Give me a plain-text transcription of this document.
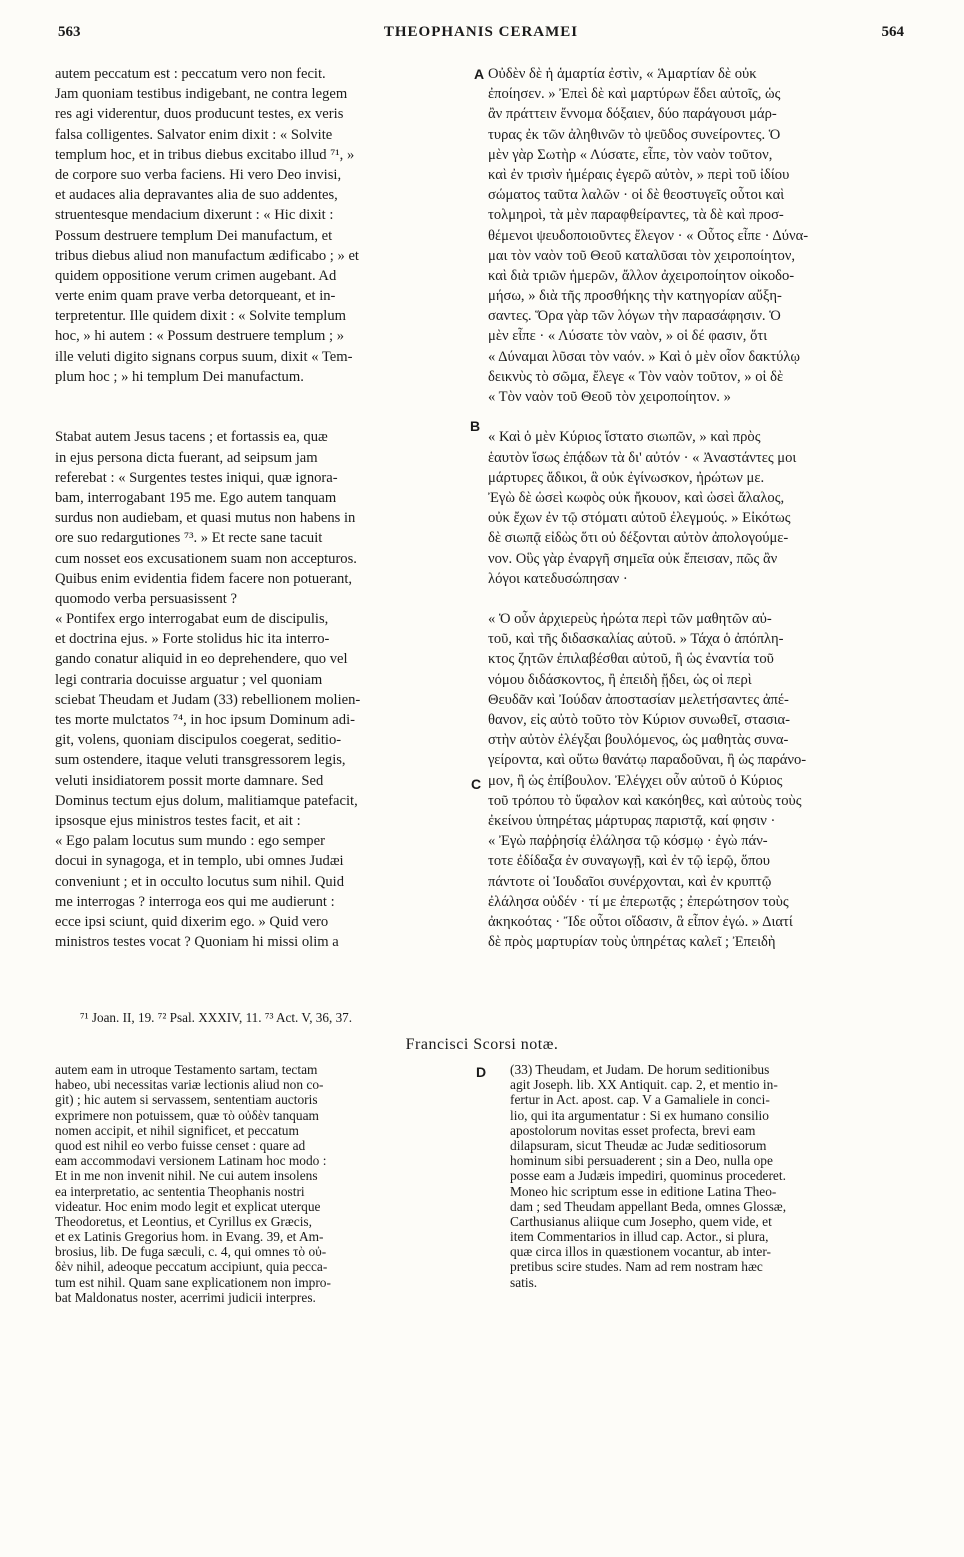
563	THEOPHANIS CERAMEI	564
autem peccatum est : peccatum vero non fecit.
Jam quoniam testibus indigebant, ne contra legem
res agi viderentur, duos producunt testes, ex veris
falsa colligentes. Salvator enim dixit : « Solvite
templum hoc, et in tribus diebus excitabo illud ⁷¹, »
de corpore suo verba faciens. Hi vero Deo invisi,
et audaces alia depravantes alia de suo addentes,
struentesque mendacium dixerunt : « Hic dixit :
Possum destruere templum Dei manufactum, et
tribus diebus aliud non manufactum ædificabo ; » et
quidem oppositione verum crimen augebant. Ad
verte enim quam prave verba detorqueant, et in-
terpretentur. Ille quidem dixit : « Solvite templum
hoc, » hi autem : « Possum destruere templum ; »
ille veluti digito signans corpus suum, dixit « Tem-
plum hoc ; » hi templum Dei manufactum.
Stabat autem Jesus tacens ; et fortassis ea, quæ
in ejus persona dicta fuerant, ad seipsum jam
referebat : « Surgentes testes iniqui, quæ ignora-
bam, interrogabant 195 me. Ego autem tanquam
surdus non audiebam, et quasi mutus non habens in
ore suo redargutiones ⁷³. » Et recte sane tacuit
cum nosset eos excusationem suam non accepturos.
Quibus enim evidentia fidem facere non potuerant,
quomodo verba persuasissent ?
« Pontifex ergo interrogabat eum de discipulis,
et doctrina ejus. » Forte stolidus hic ita interro-
gando conatur aliquid in eo deprehendere, quo vel
legi contraria docuisse arguatur ; vel quoniam
sciebat Theudam et Judam (33) rebellionem molien-
tes morte mulctatos ⁷⁴, in hoc ipsum Dominum adi-
git, volens, quoniam discipulos coegerat, seditio-
sum ostendere, itaque veluti transgressorem legis,
veluti insidiatorem possit morte damnare. Sed
Dominus tectum ejus dolum, malitiamque patefacit,
ipsosque ejus ministros testes facit, et ait :
« Ego palam locutus sum mundo : ego semper
docui in synagoga, et in templo, ubi omnes Judæi
conveniunt ; et in occulto locutus sum nihil. Quid
me interrogas ? interroga eos qui me audierunt :
ecce ipsi sciunt, quid dixerim ego. » Quid vero
ministros testes vocat ? Quoniam hi missi olim a
Οὐδὲν δὲ ἡ ἁμαρτία ἐστὶν, « Ἁμαρτίαν δὲ οὐκ
ἐποίησεν. » Ἐπεὶ δὲ καὶ μαρτύρων ἔδει αὐτοῖς, ὡς
ἂν πράττειν ἔννομα δόξαιεν, δύο παράγουσι μάρ-
τυρας ἐκ τῶν ἀληθινῶν τὸ ψεῦδος συνείροντες. Ὁ
μὲν γὰρ Σωτὴρ « Λύσατε, εἶπε, τὸν ναὸν τοῦτον,
καὶ ἐν τρισὶν ἡμέραις ἐγερῶ αὐτὸν, » περὶ τοῦ ἰδίου
σώματος ταῦτα λαλῶν · οἱ δὲ θεοστυγεῖς οὗτοι καὶ
τολμηροὶ, τὰ μὲν παραφθείραντες, τὰ δὲ καὶ προσ-
θέμενοι ψευδοποιοῦντες ἔλεγον · « Οὗτος εἶπε · Δύνα-
μαι τὸν ναὸν τοῦ Θεοῦ καταλῦσαι τὸν χειροποίητον,
καὶ διὰ τριῶν ἡμερῶν, ἄλλον ἀχειροποίητον οἰκοδο-
μήσω, » διὰ τῆς προσθήκης τὴν κατηγορίαν αὔξη-
σαντες. Ὅρα γὰρ τῶν λόγων τὴν παρασάφησιν. Ὁ
μὲν εἶπε · « Λύσατε τὸν ναὸν, » οἱ δέ φασιν, ὅτι
« Δύναμαι λῦσαι τὸν ναόν. » Καὶ ὁ μὲν οἷον δακτύλῳ
δεικνὺς τὸ σῶμα, ἔλεγε « Τὸν ναὸν τοῦτον, » οἱ δὲ
« Τὸν ναὸν τοῦ Θεοῦ τὸν χειροποίητον. »
« Καὶ ὁ μὲν Κύριος ἵστατο σιωπῶν, » καὶ πρὸς
ἑαυτὸν ἴσως ἐπᾴδων τὰ δι' αὐτόν · « Ἀναστάντες μοι
μάρτυρες ἄδικοι, ἃ οὐκ ἐγίνωσκον, ἠρώτων με.
Ἐγὼ δὲ ὡσεὶ κωφὸς οὐκ ἤκουον, καὶ ὡσεὶ ἄλαλος,
οὐκ ἔχων ἐν τῷ στόματι αὐτοῦ ἐλεγμούς. » Εἰκότως
δὲ σιωπᾷ εἰδὼς ὅτι οὐ δέξονται αὐτὸν ἀπολογούμε-
νον. Οὓς γὰρ ἐναργῆ σημεῖα οὐκ ἔπεισαν, πῶς ἂν
λόγοι κατεδυσώπησαν ·
« Ὁ οὖν ἀρχιερεὺς ἠρώτα περὶ τῶν μαθητῶν αὐ-
τοῦ, καὶ τῆς διδασκαλίας αὐτοῦ. » Τάχα ὁ ἀπόπλη-
κτος ζητῶν ἐπιλαβέσθαι αὐτοῦ, ἢ ὡς ἐναντία τοῦ
νόμου διδάσκοντος, ἢ ἐπειδὴ ᾔδει, ὡς οἱ περὶ
Θευδᾶν καὶ Ἰούδαν ἀποστασίαν μελετήσαντες ἀπέ-
θανον, εἰς αὐτὸ τοῦτο τὸν Κύριον συνωθεῖ, στασια-
στὴν αὐτὸν ἐλέγξαι βουλόμενος, ὡς μαθητὰς συνα-
γείροντα, καὶ οὕτω θανάτῳ παραδοῦναι, ἢ ὡς παράνο-
μον, ἢ ὡς ἐπίβουλον. Ἐλέγχει οὖν αὐτοῦ ὁ Κύριος
τοῦ τρόπου τὸ ὕφαλον καὶ κακόηθες, καὶ αὐτοὺς τοὺς
ἐκείνου ὑπηρέτας μάρτυρας παριστᾷ, καί φησιν ·
« Ἐγὼ παῤῥησίᾳ ἐλάλησα τῷ κόσμῳ · ἐγὼ πάν-
τοτε ἐδίδαξα ἐν συναγωγῇ, καὶ ἐν τῷ ἱερῷ, ὅπου
πάντοτε οἱ Ἰουδαῖοι συνέρχονται, καὶ ἐν κρυπτῷ
ἐλάλησα οὐδέν · τί με ἐπερωτᾷς ; ἐπερώτησον τοὺς
ἀκηκοότας · Ἴδε οὗτοι οἴδασιν, ἃ εἶπον ἐγώ. » Διατί
δὲ πρὸς μαρτυρίαν τοὺς ὑπηρέτας καλεῖ ; Ἐπειδὴ
A
B
C
D
⁷¹ Joan. II, 19. ⁷² Psal. XXXIV, 11. ⁷³ Act. V, 36, 37.
Francisci Scorsi notæ.
autem eam in utroque Testamento sartam, tectam
habeo, ubi necessitas variæ lectionis aliud non co-
git) ; hic autem si servassem, sententiam auctoris
exprimere non potuissem, quæ τὸ οὐδὲν tanquam
nomen accipit, et nihil significet, et peccatum
quod est nihil eo verbo fuisse censet : quare ad
eam accommodavi versionem Latinam hoc modo :
Et in me non invenit nihil. Ne cui autem insolens
ea interpretatio, ac sententia Theophanis nostri
videatur. Hoc enim modo legit et explicat uterque
Theodoretus, et Leontius, et Cyrillus ex Græcis,
et ex Latinis Gregorius hom. in Evang. 39, et Am-
brosius, lib. De fuga sæculi, c. 4, qui omnes τὸ οὐ-
δὲν nihil, adeoque peccatum accipiunt, quia pecca-
tum est nihil. Quam sane explicationem non impro-
bat Maldonatus noster, acerrimi judicii interpres.
(33) Theudam, et Judam. De horum seditionibus
agit Joseph. lib. XX Antiquit. cap. 2, et mentio in-
fertur in Act. apost. cap. V a Gamaliele in conci-
lio, qui ita argumentatur : Si ex humano consilio
apostolorum novitas esset profecta, brevi eam
dilapsuram, sicut Theudæ ac Judæ seditiosorum
hominum sibi persuaderent ; sin a Deo, nulla ope
posse eam a Judæis impediri, quominus procederet.
Moneo hic scriptum esse in editione Latina Theo-
dam ; sed Theudam appellant Beda, omnes Glossæ,
Carthusianus aliique cum Josepho, quem vide, et
item Commentarios in illud cap. Actor., si plura,
quæ circa illos in quæstionem vocantur, ab inter-
pretibus scire studes. Nam ad rem nostram hæc
satis.
